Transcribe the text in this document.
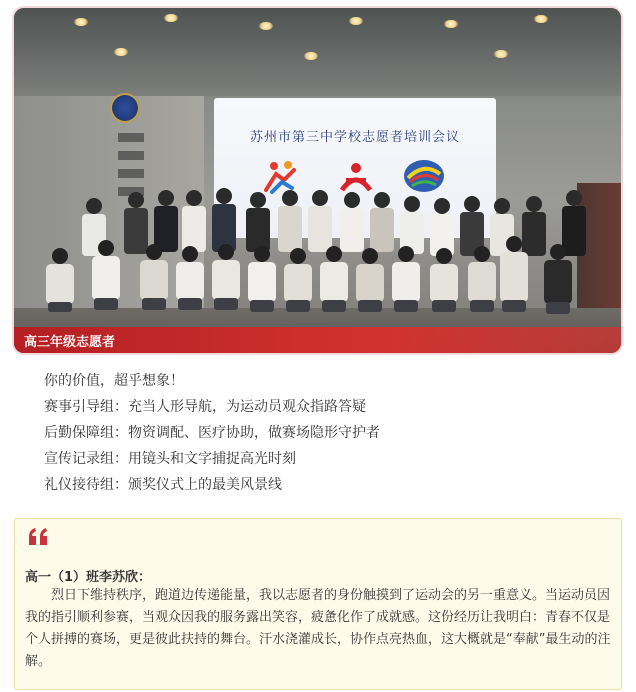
苏州市第三中学校志愿者培训会议
高三年级志愿者

你的价值，超乎想象！

赛事引导组：充当人形导航，为运动员观众指路答疑

后勤保障组：物资调配、医疗协助，做赛场隐形守护者

宣传记录组：用镜头和文字捕捉高光时刻

礼仪接待组：颁奖仪式上的最美风景线

高一（1）班李苏欣：

烈日下维持秩序，跑道边传递能量，我以志愿者的身份触摸到了运动会的另一重意义。当运动员因我的指引顺利参赛，当观众因我的服务露出笑容，疲惫化作了成就感。这份经历让我明白：青春不仅是个人拼搏的赛场，更是彼此扶持的舞台。汗水浇灌成长，协作点亮热血，这大概就是“奉献”最生动的注解。
